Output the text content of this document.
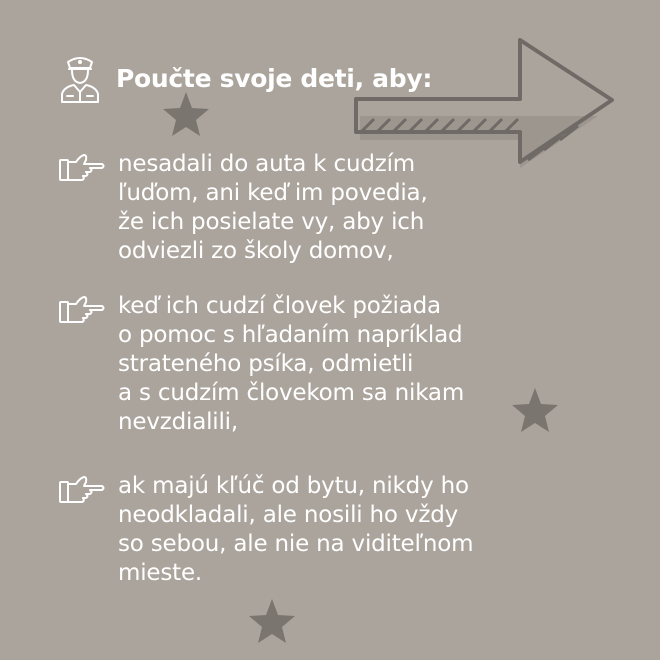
Poučte svoje deti, aby:

nesadali do auta k cudzím
ľuďom, ani keď im povedia,
že ich posielate vy, aby ich
odviezli zo školy domov,

keď ich cudzí človek požiada
o pomoc s hľadaním napríklad
strateného psíka, odmietli
a s cudzím človekom sa nikam
nevzdialili,

ak majú kľúč od bytu, nikdy ho
neodkladali, ale nosili ho vždy
so sebou, ale nie na viditeľnom
mieste.
